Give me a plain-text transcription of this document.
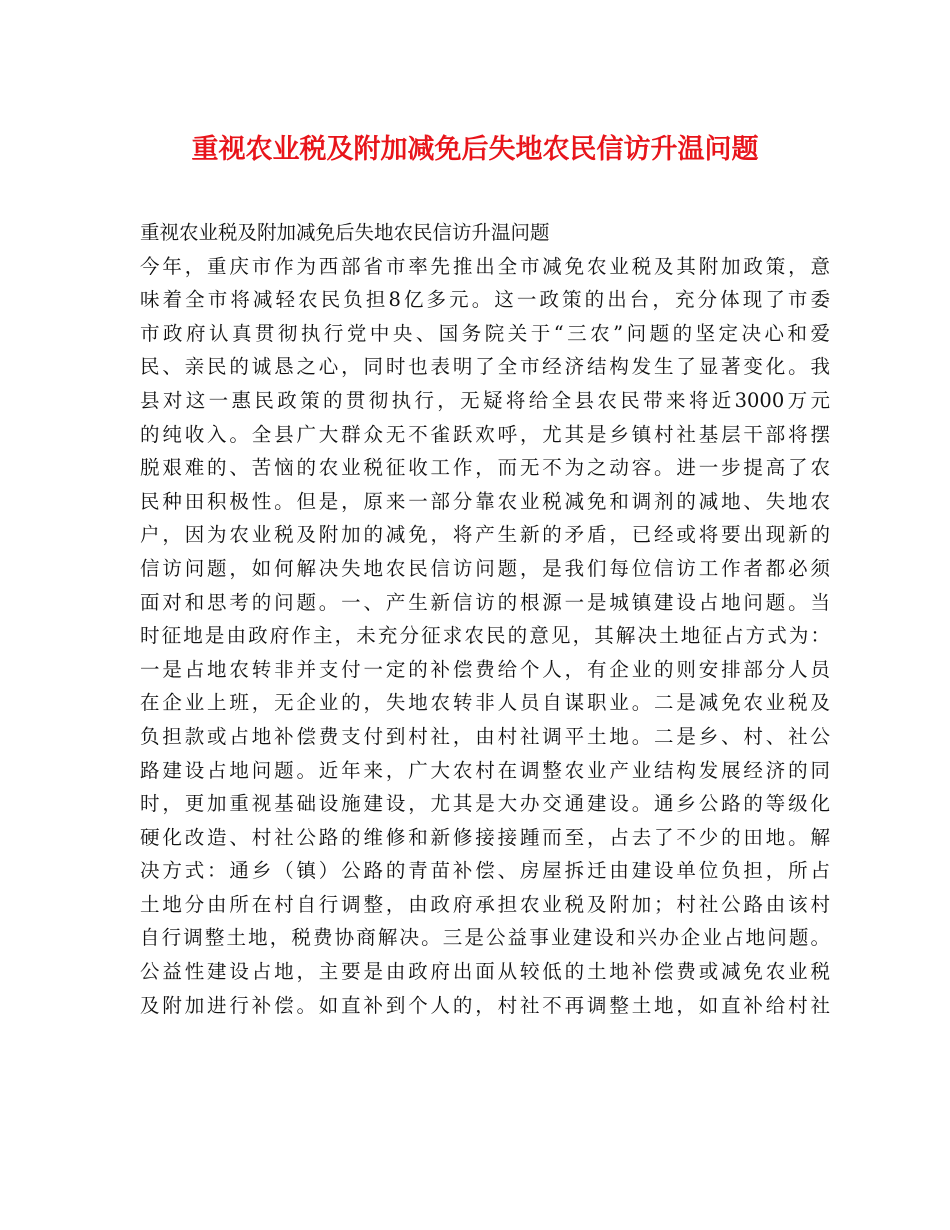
重视农业税及附加减免后失地农民信访升温问题
重视农业税及附加减免后失地农民信访升温问题
今年，重庆市作为西部省市率先推出全市减免农业税及其附加政策，意
味着全市将减轻农民负担8亿多元。这一政策的出台，充分体现了市委
市政府认真贯彻执行党中央、国务院关于“三农”问题的坚定决心和爱
民、亲民的诚恳之心，同时也表明了全市经济结构发生了显著变化。我
县对这一惠民政策的贯彻执行，无疑将给全县农民带来将近3000万元
的纯收入。全县广大群众无不雀跃欢呼，尤其是乡镇村社基层干部将摆
脱艰难的、苦恼的农业税征收工作，而无不为之动容。进一步提高了农
民种田积极性。但是，原来一部分靠农业税减免和调剂的减地、失地农
户，因为农业税及附加的减免，将产生新的矛盾，已经或将要出现新的
信访问题，如何解决失地农民信访问题，是我们每位信访工作者都必须
面对和思考的问题。一、产生新信访的根源一是城镇建设占地问题。当
时征地是由政府作主，未充分征求农民的意见，其解决土地征占方式为：
一是占地农转非并支付一定的补偿费给个人，有企业的则安排部分人员
在企业上班，无企业的，失地农转非人员自谋职业。二是减免农业税及
负担款或占地补偿费支付到村社，由村社调平土地。二是乡、村、社公
路建设占地问题。近年来，广大农村在调整农业产业结构发展经济的同
时，更加重视基础设施建设，尤其是大办交通建设。通乡公路的等级化
硬化改造、村社公路的维修和新修接接踵而至，占去了不少的田地。解
决方式：通乡（镇）公路的青苗补偿、房屋拆迁由建设单位负担，所占
土地分由所在村自行调整，由政府承担农业税及附加；村社公路由该村
自行调整土地，税费协商解决。三是公益事业建设和兴办企业占地问题。
公益性建设占地，主要是由政府出面从较低的土地补偿费或减免农业税
及附加进行补偿。如直补到个人的，村社不再调整土地，如直补给村社
